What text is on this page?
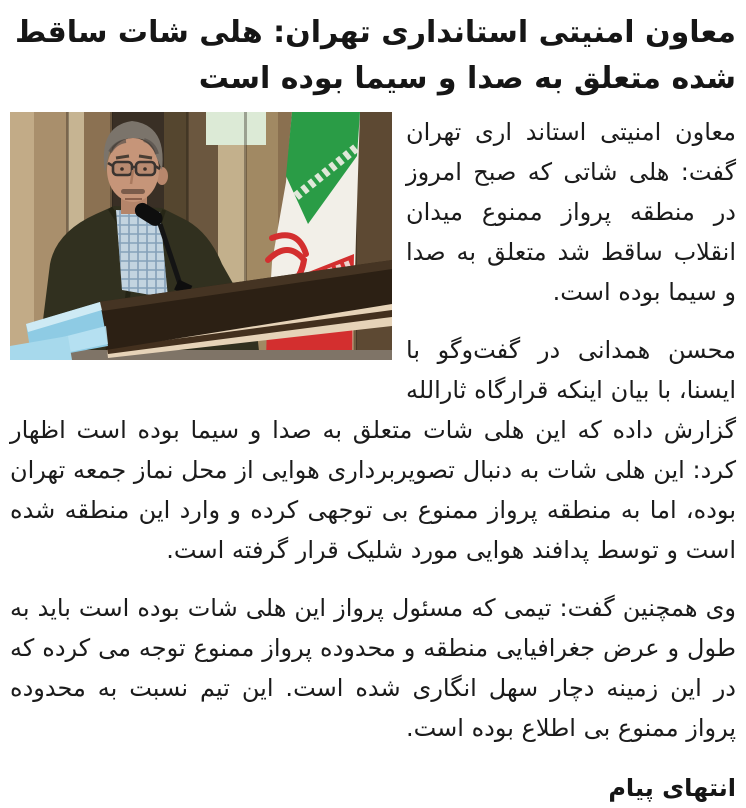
معاون امنیتی استانداری تهران: هلی شات ساقط شده متعلق به صدا و سیما بوده است

معاون امنیتی استاند اری تهران گفت: هلی شاتی که صبح امروز در منطقه پرواز ممنوع میدان انقلاب ساقط شد متعلق به صدا و سیما بوده است.

محسن همدانی در گفت‌وگو با ایسنا، با بیان اینکه قرارگاه ثارالله گزارش داده که این هلی شات متعلق به صدا و سیما بوده است اظهار کرد: این هلی شات به دنبال تصویربرداری هوایی از محل نماز جمعه تهران بوده، اما به منطقه پرواز ممنوع بی توجهی کرده و وارد این منطقه شده است و توسط پدافند هوایی مورد شلیک قرار گرفته است.

وی همچنین گفت: تیمی که مسئول پرواز این هلی شات بوده است باید به طول و عرض جغرافیایی منطقه و محدوده پرواز ممنوع توجه می کرده که در این زمینه دچار سهل انگاری شده است. این تیم نسبت به محدوده پرواز ممنوع بی اطلاع بوده است.

انتهای پیام
